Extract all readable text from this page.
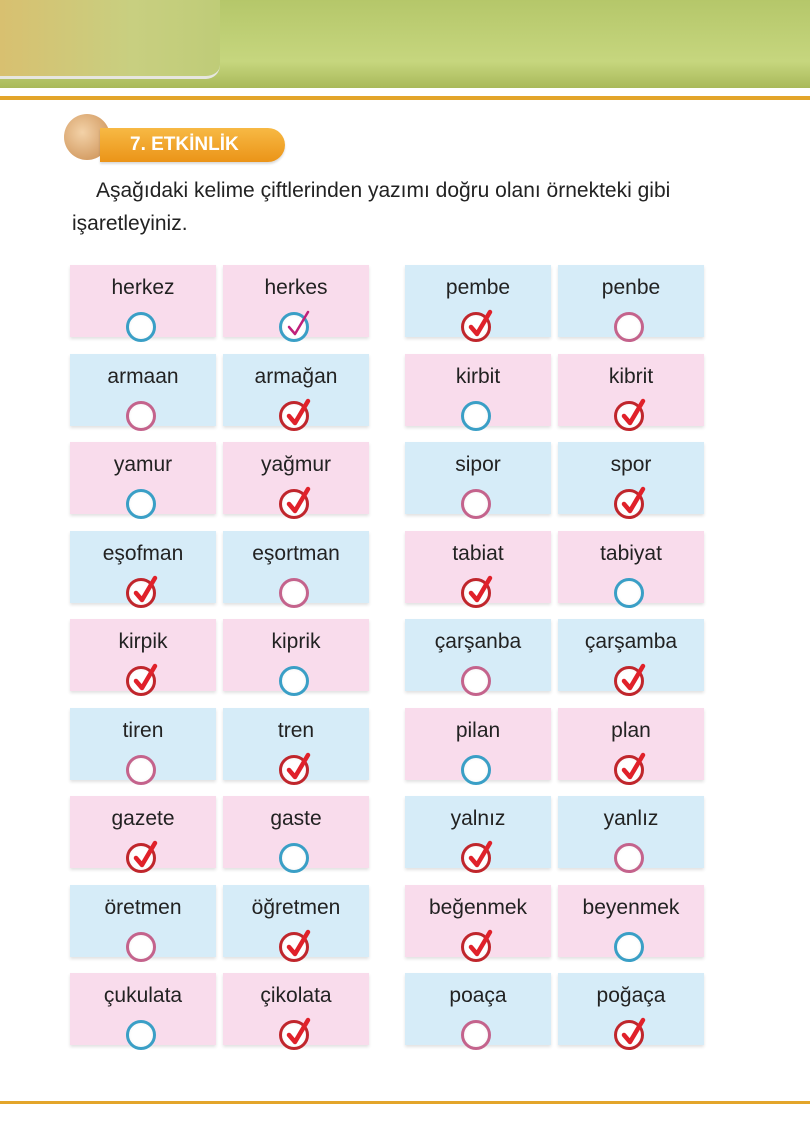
7. ETKİNLİK
Aşağıdaki kelime çiftlerinden yazımı doğru olanı örnekteki gibi işaretleyiniz.
herkez	herkes
armaan	armağan
yamur	yağmur
eşofman	eşortman
kirpik	kiprik
tiren	tren
gazete	gaste
öretmen	öğretmen
çukulata	çikolata
pembe	penbe
kirbit	kibrit
sipor	spor
tabiat	tabiyat
çarşanba	çarşamba
pilan	plan
yalnız	yanlız
beğenmek	beyenmek
poaça	poğaça
